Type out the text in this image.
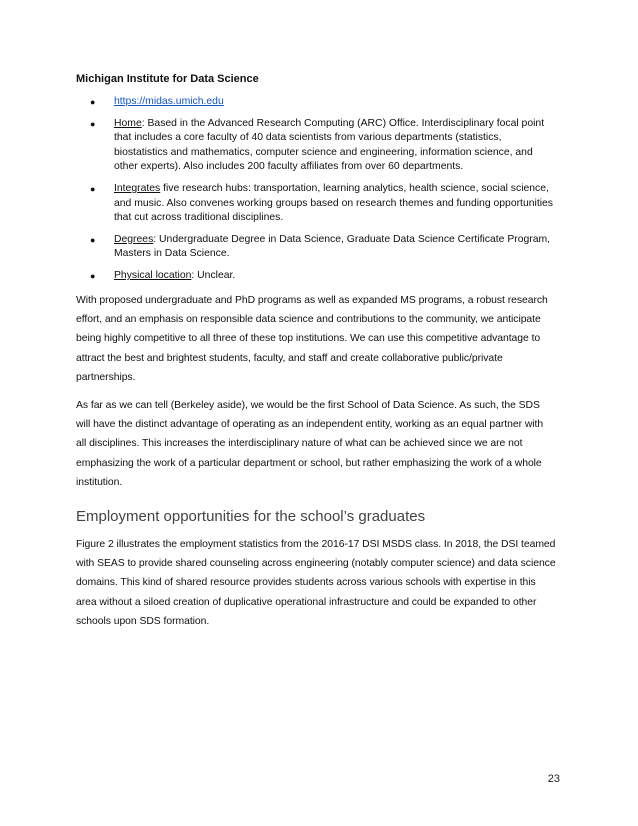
Michigan Institute for Data Science
● https://midas.umich.edu
● Home: Based in the Advanced Research Computing (ARC) Office. Interdisciplinary focal point that includes a core faculty of 40 data scientists from various departments (statistics, biostatistics and mathematics, computer science and engineering, information science, and other experts). Also includes 200 faculty affiliates from over 60 departments.
● Integrates five research hubs: transportation, learning analytics, health science, social science, and music. Also convenes working groups based on research themes and funding opportunities that cut across traditional disciplines.
● Degrees: Undergraduate Degree in Data Science, Graduate Data Science Certificate Program, Masters in Data Science.
● Physical location: Unclear.

With proposed undergraduate and PhD programs as well as expanded MS programs, a robust research effort, and an emphasis on responsible data science and contributions to the community, we anticipate being highly competitive to all three of these top institutions. We can use this competitive advantage to attract the best and brightest students, faculty, and staff and create collaborative public/private partnerships.

As far as we can tell (Berkeley aside), we would be the first School of Data Science. As such, the SDS will have the distinct advantage of operating as an independent entity, working as an equal partner with all disciplines. This increases the interdisciplinary nature of what can be achieved since we are not emphasizing the work of a particular department or school, but rather emphasizing the work of a whole institution.

Employment opportunities for the school’s graduates

Figure 2 illustrates the employment statistics from the 2016-17 DSI MSDS class. In 2018, the DSI teamed with SEAS to provide shared counseling across engineering (notably computer science) and data science domains. This kind of shared resource provides students across various schools with expertise in this area without a siloed creation of duplicative operational infrastructure and could be expanded to other schools upon SDS formation.

23
